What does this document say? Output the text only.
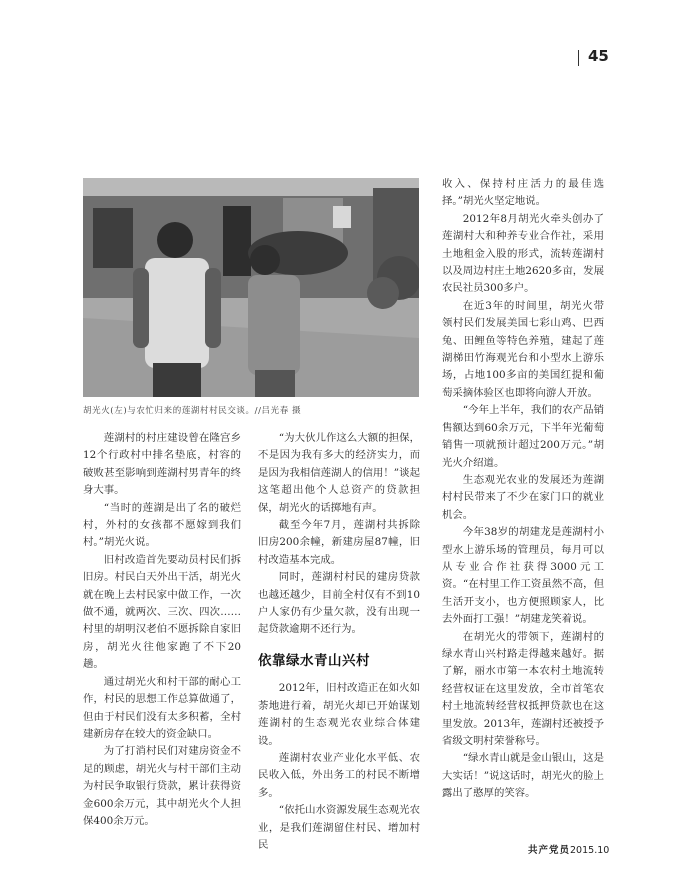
45
胡光火(左)与农忙归来的莲湖村村民交谈。//吕光春 摄

莲湖村的村庄建设曾在隆宫乡12个行政村中排名垫底，村容的破败甚至影响到莲湖村男青年的终身大事。

“当时的莲湖是出了名的破烂村，外村的女孩都不愿嫁到我们村。”胡光火说。

旧村改造首先要动员村民们拆旧房。村民白天外出干活，胡光火就在晚上去村民家中做工作，一次做不通，就两次、三次、四次……村里的胡明汉老伯不愿拆除自家旧房，胡光火往他家跑了不下20趟。

通过胡光火和村干部的耐心工作，村民的思想工作总算做通了，但由于村民们没有太多积蓄，全村建新房存在较大的资金缺口。

为了打消村民们对建房资金不足的顾虑，胡光火与村干部们主动为村民争取银行贷款，累计获得资金600余万元，其中胡光火个人担保400余万元。

“为大伙儿作这么大额的担保，不是因为我有多大的经济实力，而是因为我相信莲湖人的信用！”谈起这笔超出他个人总资产的贷款担保，胡光火的话掷地有声。

截至今年7月，莲湖村共拆除旧房200余幢，新建房屋87幢，旧村改造基本完成。

同时，莲湖村村民的建房贷款也越还越少，目前全村仅有不到10户人家仍有少量欠款，没有出现一起贷款逾期不还行为。

依靠绿水青山兴村

2012年，旧村改造正在如火如荼地进行着，胡光火却已开始谋划莲湖村的生态观光农业综合体建设。

莲湖村农业产业化水平低、农民收入低，外出务工的村民不断增多。

“依托山水资源发展生态观光农业，是我们莲湖留住村民、增加村民

收入、保持村庄活力的最佳选择。”胡光火坚定地说。

2012年8月胡光火牵头创办了莲湖村大和种养专业合作社，采用土地租金入股的形式，流转莲湖村以及周边村庄土地2620多亩，发展农民社员300多户。

在近3年的时间里，胡光火带领村民们发展美国七彩山鸡、巴西兔、田鲤鱼等特色养殖，建起了莲湖梯田竹海观光台和小型水上游乐场，占地100多亩的美国红提和葡萄采摘体验区也即将向游人开放。

“今年上半年，我们的农产品销售额达到60余万元，下半年光葡萄销售一项就预计超过200万元。”胡光火介绍道。

生态观光农业的发展还为莲湖村村民带来了不少在家门口的就业机会。

今年38岁的胡建龙是莲湖村小型水上游乐场的管理员，每月可以从专业合作社获得3000元工资。“在村里工作工资虽然不高，但生活开支小，也方便照顾家人，比去外面打工强！”胡建龙笑着说。

在胡光火的带领下，莲湖村的绿水青山兴村路走得越来越好。据了解，丽水市第一本农村土地流转经营权证在这里发放，全市首笔农村土地流转经营权抵押贷款也在这里发放。2013年，莲湖村还被授予省级文明村荣誉称号。

“绿水青山就是金山银山，这是大实话！”说这话时，胡光火的脸上露出了憨厚的笑容。

共产党员2015.10
